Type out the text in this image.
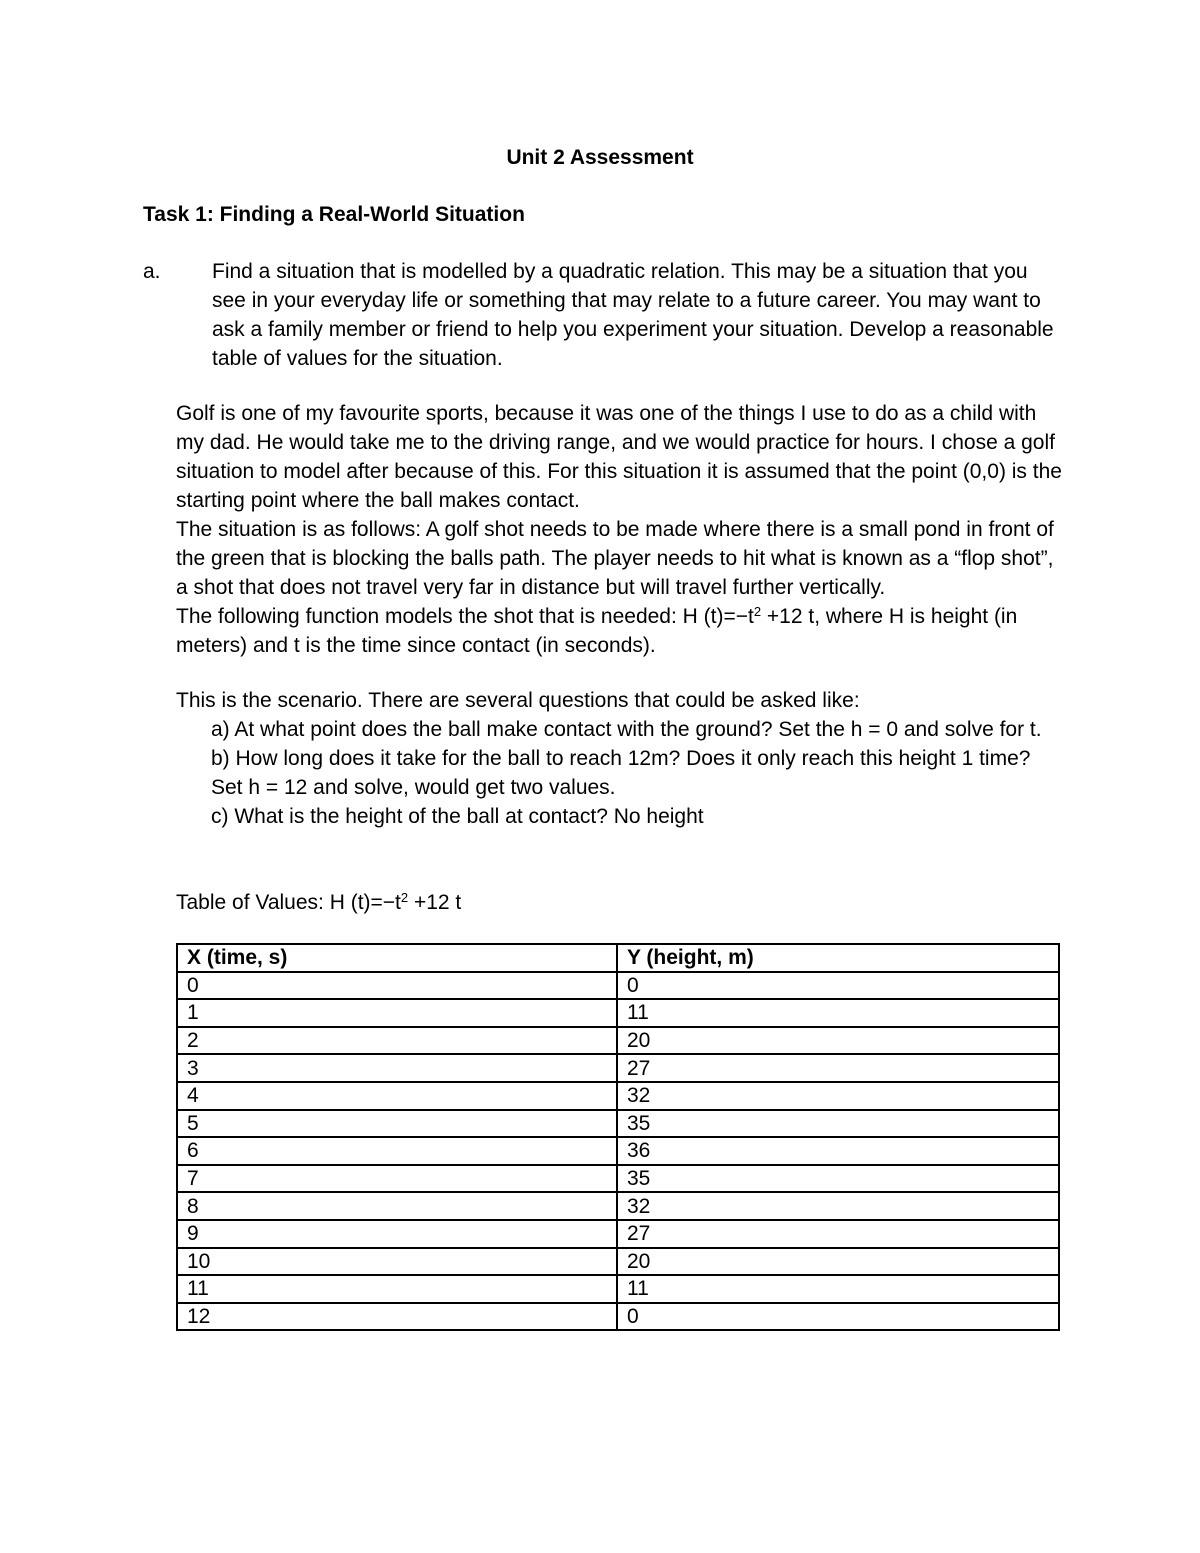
Unit 2 Assessment
Task 1: Finding a Real-World Situation
a.	Find a situation that is modelled by a quadratic relation. This may be a situation that you see in your everyday life or something that may relate to a future career. You may want to ask a family member or friend to help you experiment your situation. Develop a reasonable table of values for the situation.

Golf is one of my favourite sports, because it was one of the things I use to do as a child with my dad. He would take me to the driving range, and we would practice for hours. I chose a golf situation to model after because of this. For this situation it is assumed that the point (0,0) is the starting point where the ball makes contact.

The situation is as follows: A golf shot needs to be made where there is a small pond in front of the green that is blocking the balls path. The player needs to hit what is known as a “flop shot”, a shot that does not travel very far in distance but will travel further vertically.

The following function models the shot that is needed: H $(t)=-t^2 +12$ t, where H is height (in meters) and t is the time since contact (in seconds).

This is the scenario. There are several questions that could be asked like:

a) At what point does the ball make contact with the ground? Set the h = 0 and solve for t.

b) How long does it take for the ball to reach 12m? Does it only reach this height 1 time? Set h = 12 and solve, would get two values.

c) What is the height of the ball at contact? No height

Table of Values: H $(t)=-t^2 +12$ t
X (time, s)	Y (height, m)
0	0
1	11
2	20
3	27
4	32
5	35
6	36
7	35
8	32
9	27
10	20
11	11
12	0
